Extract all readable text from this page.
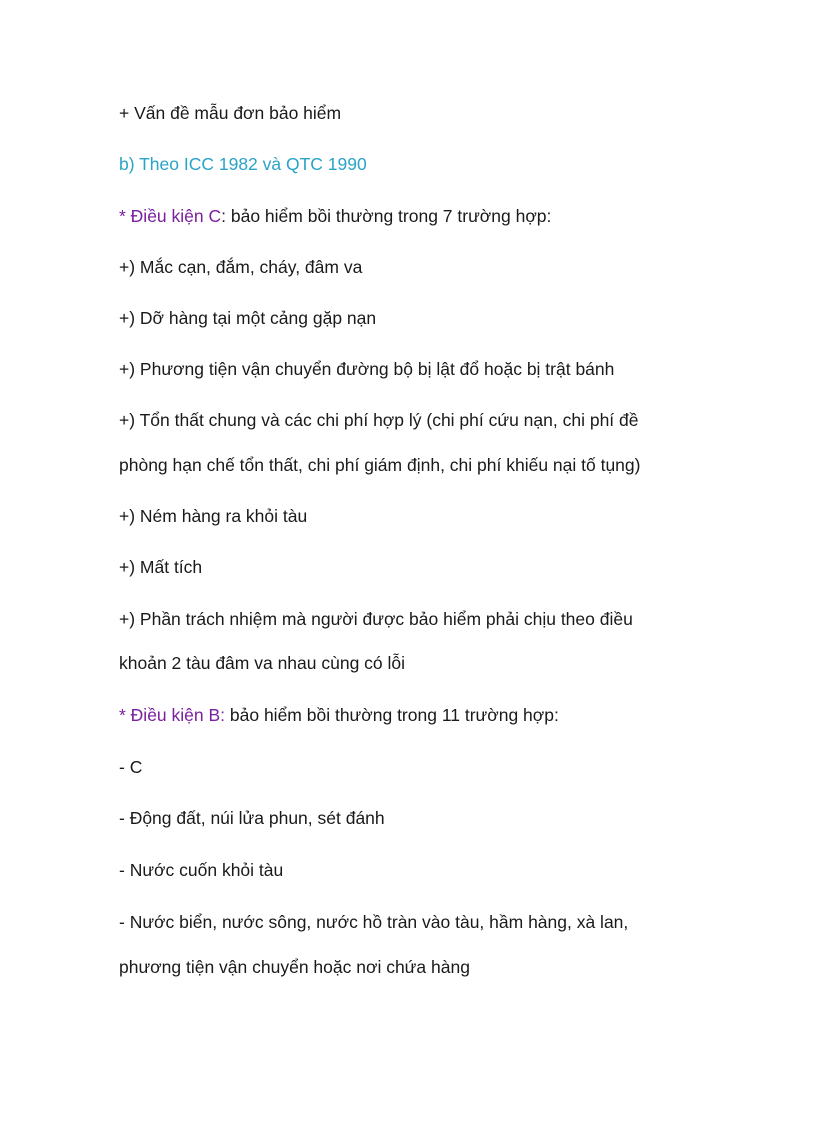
+ Vấn đề mẫu đơn bảo hiểm
b) Theo ICC 1982 và QTC 1990
* Điều kiện C: bảo hiểm bồi thường trong 7 trường hợp:
+) Mắc cạn, đắm, cháy, đâm va
+) Dỡ hàng tại một cảng gặp nạn
+) Phương tiện vận chuyển đường bộ bị lật đổ hoặc bị trật bánh
+) Tổn thất chung và các chi phí hợp lý (chi phí cứu nạn, chi phí đề
phòng hạn chế tổn thất, chi phí giám định, chi phí khiếu nại tố tụng)
+) Ném hàng ra khỏi tàu
+) Mất tích
+) Phần trách nhiệm mà người được bảo hiểm phải chịu theo điều
khoản 2 tàu đâm va nhau cùng có lỗi
* Điều kiện B: bảo hiểm bồi thường trong 11 trường hợp:
- C
- Động đất, núi lửa phun, sét đánh
- Nước cuốn khỏi tàu
- Nước biển, nước sông, nước hồ tràn vào tàu, hầm hàng, xà lan,
phương tiện vận chuyển hoặc nơi chứa hàng
